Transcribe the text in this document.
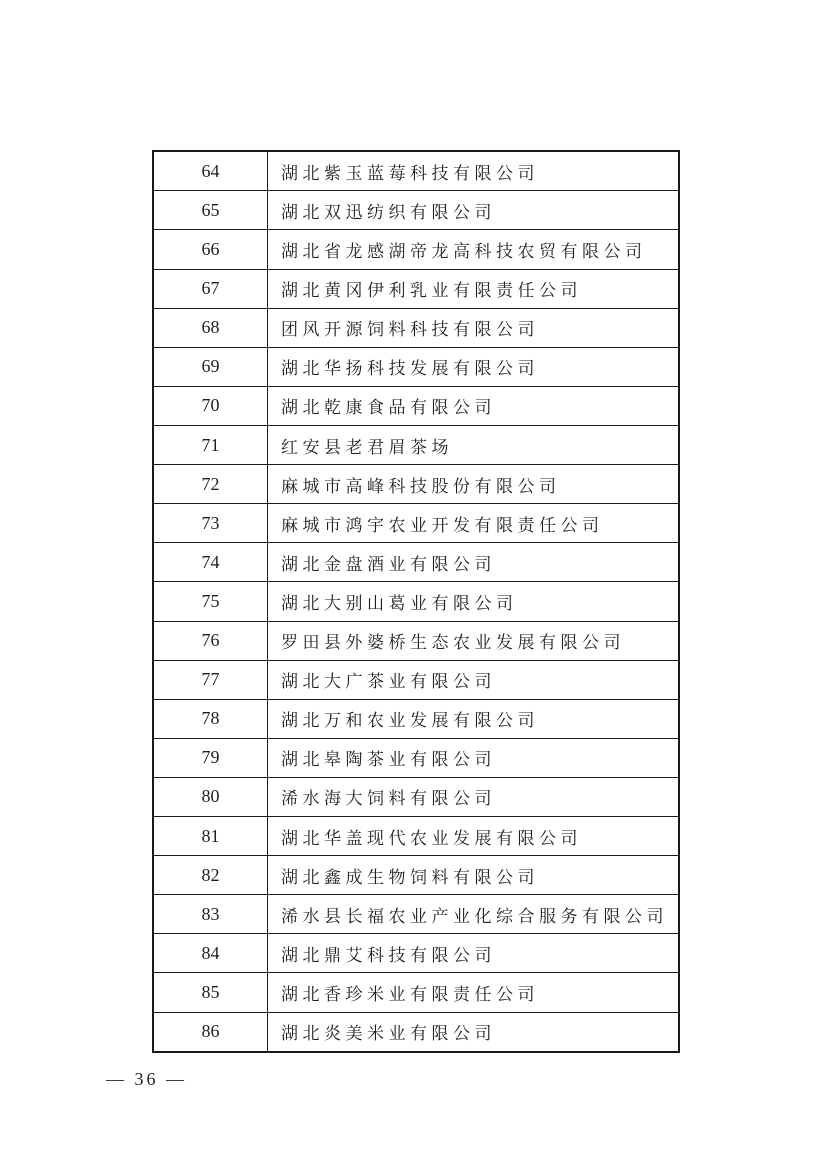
64	湖北紫玉蓝莓科技有限公司
65	湖北双迅纺织有限公司
66	湖北省龙感湖帝龙高科技农贸有限公司
67	湖北黄冈伊利乳业有限责任公司
68	团风开源饲料科技有限公司
69	湖北华扬科技发展有限公司
70	湖北乾康食品有限公司
71	红安县老君眉茶场
72	麻城市高峰科技股份有限公司
73	麻城市鸿宇农业开发有限责任公司
74	湖北金盘酒业有限公司
75	湖北大别山葛业有限公司
76	罗田县外婆桥生态农业发展有限公司
77	湖北大广茶业有限公司
78	湖北万和农业发展有限公司
79	湖北皋陶茶业有限公司
80	浠水海大饲料有限公司
81	湖北华盖现代农业发展有限公司
82	湖北鑫成生物饲料有限公司
83	浠水县长福农业产业化综合服务有限公司
84	湖北鼎艾科技有限公司
85	湖北香珍米业有限责任公司
86	湖北炎美米业有限公司
— 36 —
